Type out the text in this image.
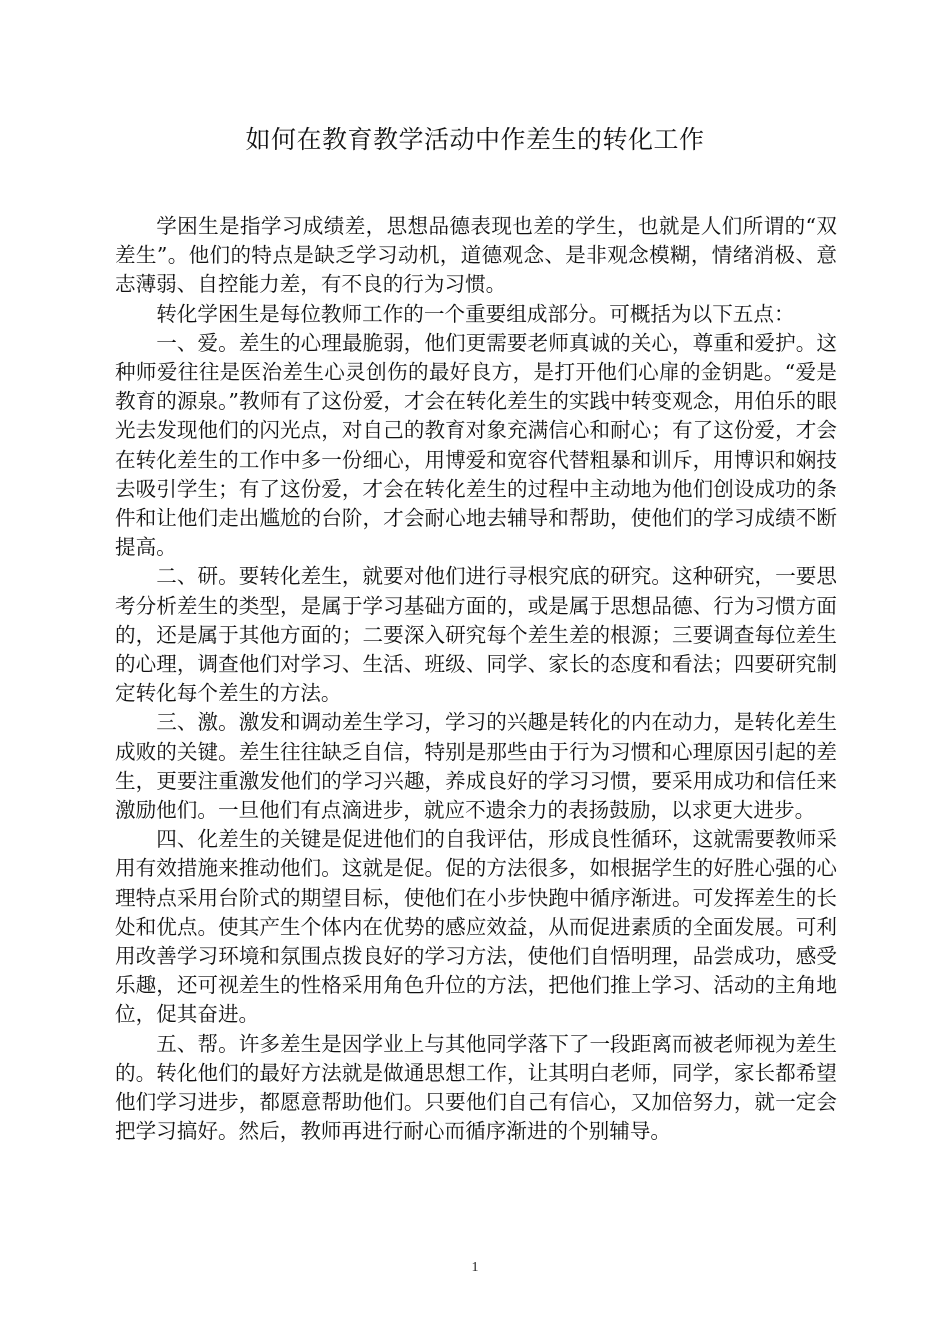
如何在教育教学活动中作差生的转化工作

学困生是指学习成绩差，思想品德表现也差的学生，也就是人们所谓的“双差生”。他们的特点是缺乏学习动机，道德观念、是非观念模糊，情绪消极、意志薄弱、自控能力差，有不良的行为习惯。

转化学困生是每位教师工作的一个重要组成部分。可概括为以下五点：

一、爱。差生的心理最脆弱，他们更需要老师真诚的关心，尊重和爱护。这种师爱往往是医治差生心灵创伤的最好良方，是打开他们心扉的金钥匙。“爱是教育的源泉。”教师有了这份爱，才会在转化差生的实践中转变观念，用伯乐的眼光去发现他们的闪光点，对自己的教育对象充满信心和耐心；有了这份爱，才会在转化差生的工作中多一份细心，用博爱和宽容代替粗暴和训斥，用博识和娴技去吸引学生；有了这份爱，才会在转化差生的过程中主动地为他们创设成功的条件和让他们走出尴尬的台阶，才会耐心地去辅导和帮助，使他们的学习成绩不断提高。

二、研。要转化差生，就要对他们进行寻根究底的研究。这种研究，一要思考分析差生的类型，是属于学习基础方面的，或是属于思想品德、行为习惯方面的，还是属于其他方面的；二要深入研究每个差生差的根源；三要调查每位差生的心理，调查他们对学习、生活、班级、同学、家长的态度和看法；四要研究制定转化每个差生的方法。

三、激。激发和调动差生学习，学习的兴趣是转化的内在动力，是转化差生成败的关键。差生往往缺乏自信，特别是那些由于行为习惯和心理原因引起的差生，更要注重激发他们的学习兴趣，养成良好的学习习惯，要采用成功和信任来激励他们。一旦他们有点滴进步，就应不遗余力的表扬鼓励，以求更大进步。

四、化差生的关键是促进他们的自我评估，形成良性循环，这就需要教师采用有效措施来推动他们。这就是促。促的方法很多，如根据学生的好胜心强的心理特点采用台阶式的期望目标，使他们在小步快跑中循序渐进。可发挥差生的长处和优点。使其产生个体内在优势的感应效益，从而促进素质的全面发展。可利用改善学习环境和氛围点拨良好的学习方法，使他们自悟明理，品尝成功，感受乐趣，还可视差生的性格采用角色升位的方法，把他们推上学习、活动的主角地位，促其奋进。

五、帮。许多差生是因学业上与其他同学落下了一段距离而被老师视为差生的。转化他们的最好方法就是做通思想工作，让其明白老师，同学，家长都希望他们学习进步，都愿意帮助他们。只要他们自己有信心，又加倍努力，就一定会把学习搞好。然后，教师再进行耐心而循序渐进的个别辅导。

1
